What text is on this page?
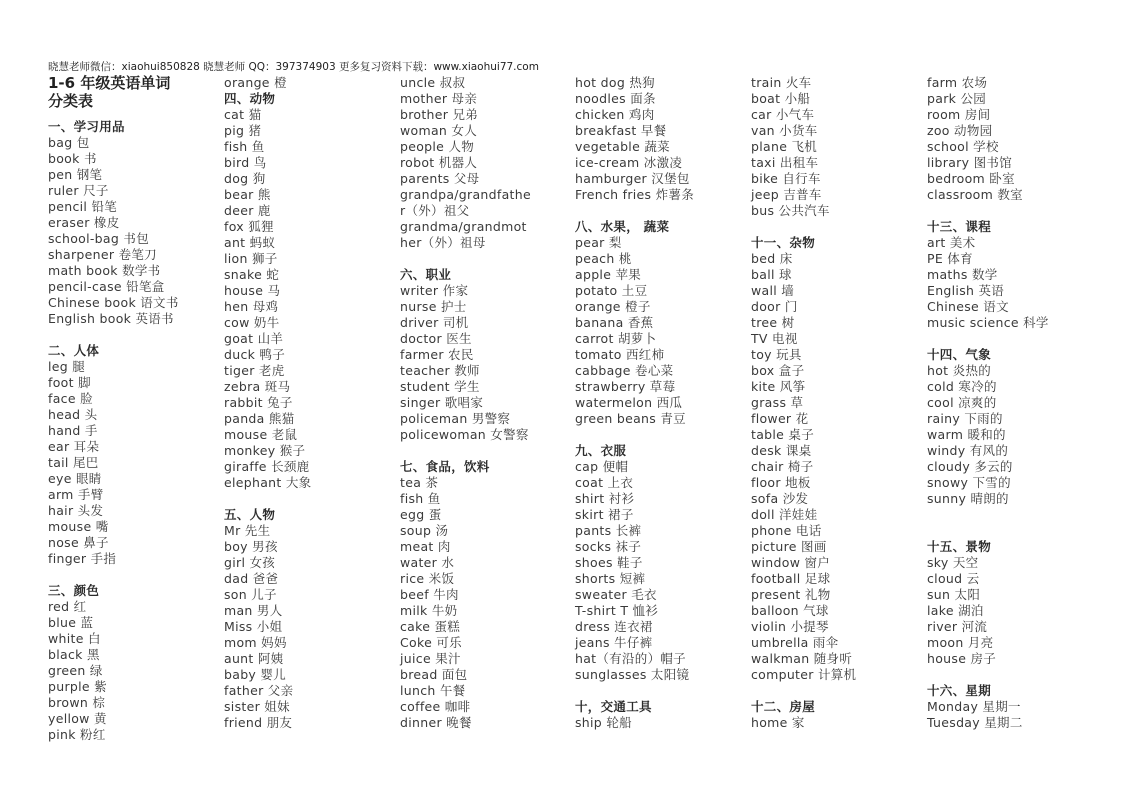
晓慧老师微信：xiaohui850828 晓慧老师 QQ：397374903 更多复习资料下载：www.xiaohui77.com
1-6 年级英语单词
分类表
一、学习用品
bag 包
book 书
pen 钢笔
ruler 尺子
pencil 铅笔
eraser 橡皮
school-bag 书包
sharpener 卷笔刀
math book 数学书
pencil-case 铅笔盒
Chinese book 语文书
English book 英语书
二、人体
leg 腿
foot 脚
face 脸
head 头
hand 手
ear 耳朵
tail 尾巴
eye 眼睛
arm 手臂
hair 头发
mouse 嘴
nose 鼻子
finger 手指
三、颜色
red 红
blue 蓝
white 白
black 黑
green 绿
purple 紫
brown 棕
yellow 黄
pink 粉红
orange 橙
四、动物
cat 猫
pig 猪
fish 鱼
bird 鸟
dog 狗
bear 熊
deer 鹿
fox 狐狸
ant 蚂蚁
lion 狮子
snake 蛇
house 马
hen 母鸡
cow 奶牛
goat 山羊
duck 鸭子
tiger 老虎
zebra 斑马
rabbit 兔子
panda 熊猫
mouse 老鼠
monkey 猴子
giraffe 长颈鹿
elephant 大象
五、人物
Mr 先生
boy 男孩
girl 女孩
dad 爸爸
son 儿子
man 男人
Miss 小姐
mom 妈妈
aunt 阿姨
baby 婴儿
father 父亲
sister 姐妹
friend 朋友
uncle 叔叔
mother 母亲
brother 兄弟
woman 女人
people 人物
robot 机器人
parents 父母
grandpa/grandfathe
r（外）祖父
grandma/grandmot
her（外）祖母
六、职业
writer 作家
nurse 护士
driver 司机
doctor 医生
farmer 农民
teacher 教师
student 学生
singer 歌唱家
policeman 男警察
policewoman 女警察
七、食品，饮料
tea 茶
fish 鱼
egg 蛋
soup 汤
meat 肉
water 水
rice 米饭
beef 牛肉
milk 牛奶
cake 蛋糕
Coke 可乐
juice 果汁
bread 面包
lunch 午餐
coffee 咖啡
dinner 晚餐
hot dog 热狗
noodles 面条
chicken 鸡肉
breakfast 早餐
vegetable 蔬菜
ice-cream 冰激凌
hamburger 汉堡包
French fries 炸薯条
八、水果， 蔬菜
pear 梨
peach 桃
apple 苹果
potato 土豆
orange 橙子
banana 香蕉
carrot 胡萝卜
tomato 西红柿
cabbage 卷心菜
strawberry 草莓
watermelon 西瓜
green beans 青豆
九、衣服
cap 便帽
coat 上衣
shirt 衬衫
skirt 裙子
pants 长裤
socks 袜子
shoes 鞋子
shorts 短裤
sweater 毛衣
T-shirt T 恤衫
dress 连衣裙
jeans 牛仔裤
hat（有沿的）帽子
sunglasses 太阳镜
十，交通工具
ship 轮船
train 火车
boat 小船
car 小气车
van 小货车
plane 飞机
taxi 出租车
bike 自行车
jeep 吉普车
bus 公共汽车
十一、杂物
bed 床
ball 球
wall 墙
door 门
tree 树
TV 电视
toy 玩具
box 盒子
kite 风筝
grass 草
flower 花
table 桌子
desk 课桌
chair 椅子
floor 地板
sofa 沙发
doll 洋娃娃
phone 电话
picture 图画
window 窗户
football 足球
present 礼物
balloon 气球
violin 小提琴
umbrella 雨伞
walkman 随身听
computer 计算机
十二、房屋
home 家
farm 农场
park 公园
room 房间
zoo 动物园
school 学校
library 图书馆
bedroom 卧室
classroom 教室
十三、课程
art 美术
PE 体育
maths 数学
English 英语
Chinese 语文
music science 科学
十四、气象
hot 炎热的
cold 寒冷的
cool 凉爽的
rainy 下雨的
warm 暖和的
windy 有风的
cloudy 多云的
snowy 下雪的
sunny 晴朗的
十五、景物
sky 天空
cloud 云
sun 太阳
lake 湖泊
river 河流
moon 月亮
house 房子
十六、星期
Monday 星期一
Tuesday 星期二
